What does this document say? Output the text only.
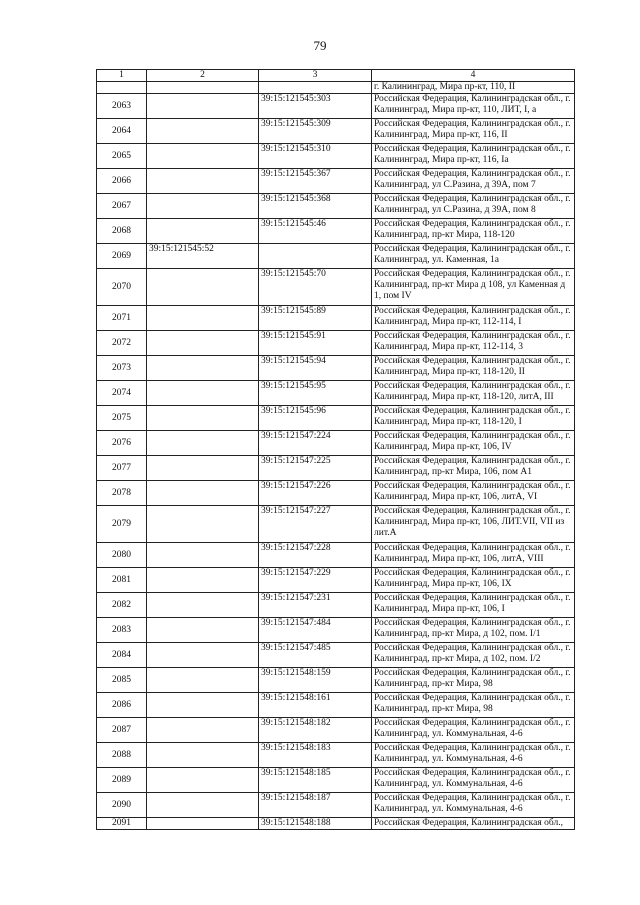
79
1	2	3	4
			г. Калининград, Мира пр-кт, 110, II
2063		39:15:121545:303	Российская Федерация, Калининградская обл., г. Калининград, Мира пр-кт, 110, ЛИТ, I, а
2064		39:15:121545:309	Российская Федерация, Калининградская обл., г. Калининград, Мира пр-кт, 116, II
2065		39:15:121545:310	Российская Федерация, Калининградская обл., г. Калининград, Мира пр-кт, 116, Ia
2066		39:15:121545:367	Российская Федерация, Калининградская обл., г. Калининград, ул С.Разина, д 39А, пом 7
2067		39:15:121545:368	Российская Федерация, Калининградская обл., г. Калининград, ул С.Разина, д 39А, пом 8
2068		39:15:121545:46	Российская Федерация, Калининградская обл., г. Калининград, пр-кт Мира, 118-120
2069	39:15:121545:52		Российская Федерация, Калининградская обл., г. Калининград, ул. Каменная, 1а
2070		39:15:121545:70	Российская Федерация, Калининградская обл., г. Калининград, пр-кт Мира д 108, ул Каменная д 1, пом IV
2071		39:15:121545:89	Российская Федерация, Калининградская обл., г. Калининград, Мира пр-кт, 112-114, I
2072		39:15:121545:91	Российская Федерация, Калининградская обл., г. Калининград, Мира пр-кт, 112-114, 3
2073		39:15:121545:94	Российская Федерация, Калининградская обл., г. Калининград, Мира пр-кт, 118-120, II
2074		39:15:121545:95	Российская Федерация, Калининградская обл., г. Калининград, Мира пр-кт, 118-120, литА, III
2075		39:15:121545:96	Российская Федерация, Калининградская обл., г. Калининград, Мира пр-кт, 118-120, I
2076		39:15:121547:224	Российская Федерация, Калининградская обл., г. Калининград, Мира пр-кт, 106, IV
2077		39:15:121547:225	Российская Федерация, Калининградская обл., г. Калининград, пр-кт Мира, 106, пом А1
2078		39:15:121547:226	Российская Федерация, Калининградская обл., г. Калининград, Мира пр-кт, 106, литА, VI
2079		39:15:121547:227	Российская Федерация, Калининградская обл., г. Калининград, Мира пр-кт, 106, ЛИТ.VII, VII из лит.А
2080		39:15:121547:228	Российская Федерация, Калининградская обл., г. Калининград, Мира пр-кт, 106, литА, VIII
2081		39:15:121547:229	Российская Федерация, Калининградская обл., г. Калининград, Мира пр-кт, 106, IX
2082		39:15:121547:231	Российская Федерация, Калининградская обл., г. Калининград, Мира пр-кт, 106, I
2083		39:15:121547:484	Российская Федерация, Калининградская обл., г. Калининград, пр-кт Мира, д 102, пом. I/1
2084		39:15:121547:485	Российская Федерация, Калининградская обл., г. Калининград, пр-кт Мира, д 102, пом. I/2
2085		39:15:121548:159	Российская Федерация, Калининградская обл., г. Калининград, пр-кт Мира, 98
2086		39:15:121548:161	Российская Федерация, Калининградская обл., г. Калининград, пр-кт Мира, 98
2087		39:15:121548:182	Российская Федерация, Калининградская обл., г. Калининград, ул. Коммунальная, 4-6
2088		39:15:121548:183	Российская Федерация, Калининградская обл., г. Калининград, ул. Коммунальная, 4-6
2089		39:15:121548:185	Российская Федерация, Калининградская обл., г. Калининград, ул. Коммунальная, 4-6
2090		39:15:121548:187	Российская Федерация, Калининградская обл., г. Калининград, ул. Коммунальная, 4-6
2091		39:15:121548:188	Российская Федерация, Калининградская обл.,
